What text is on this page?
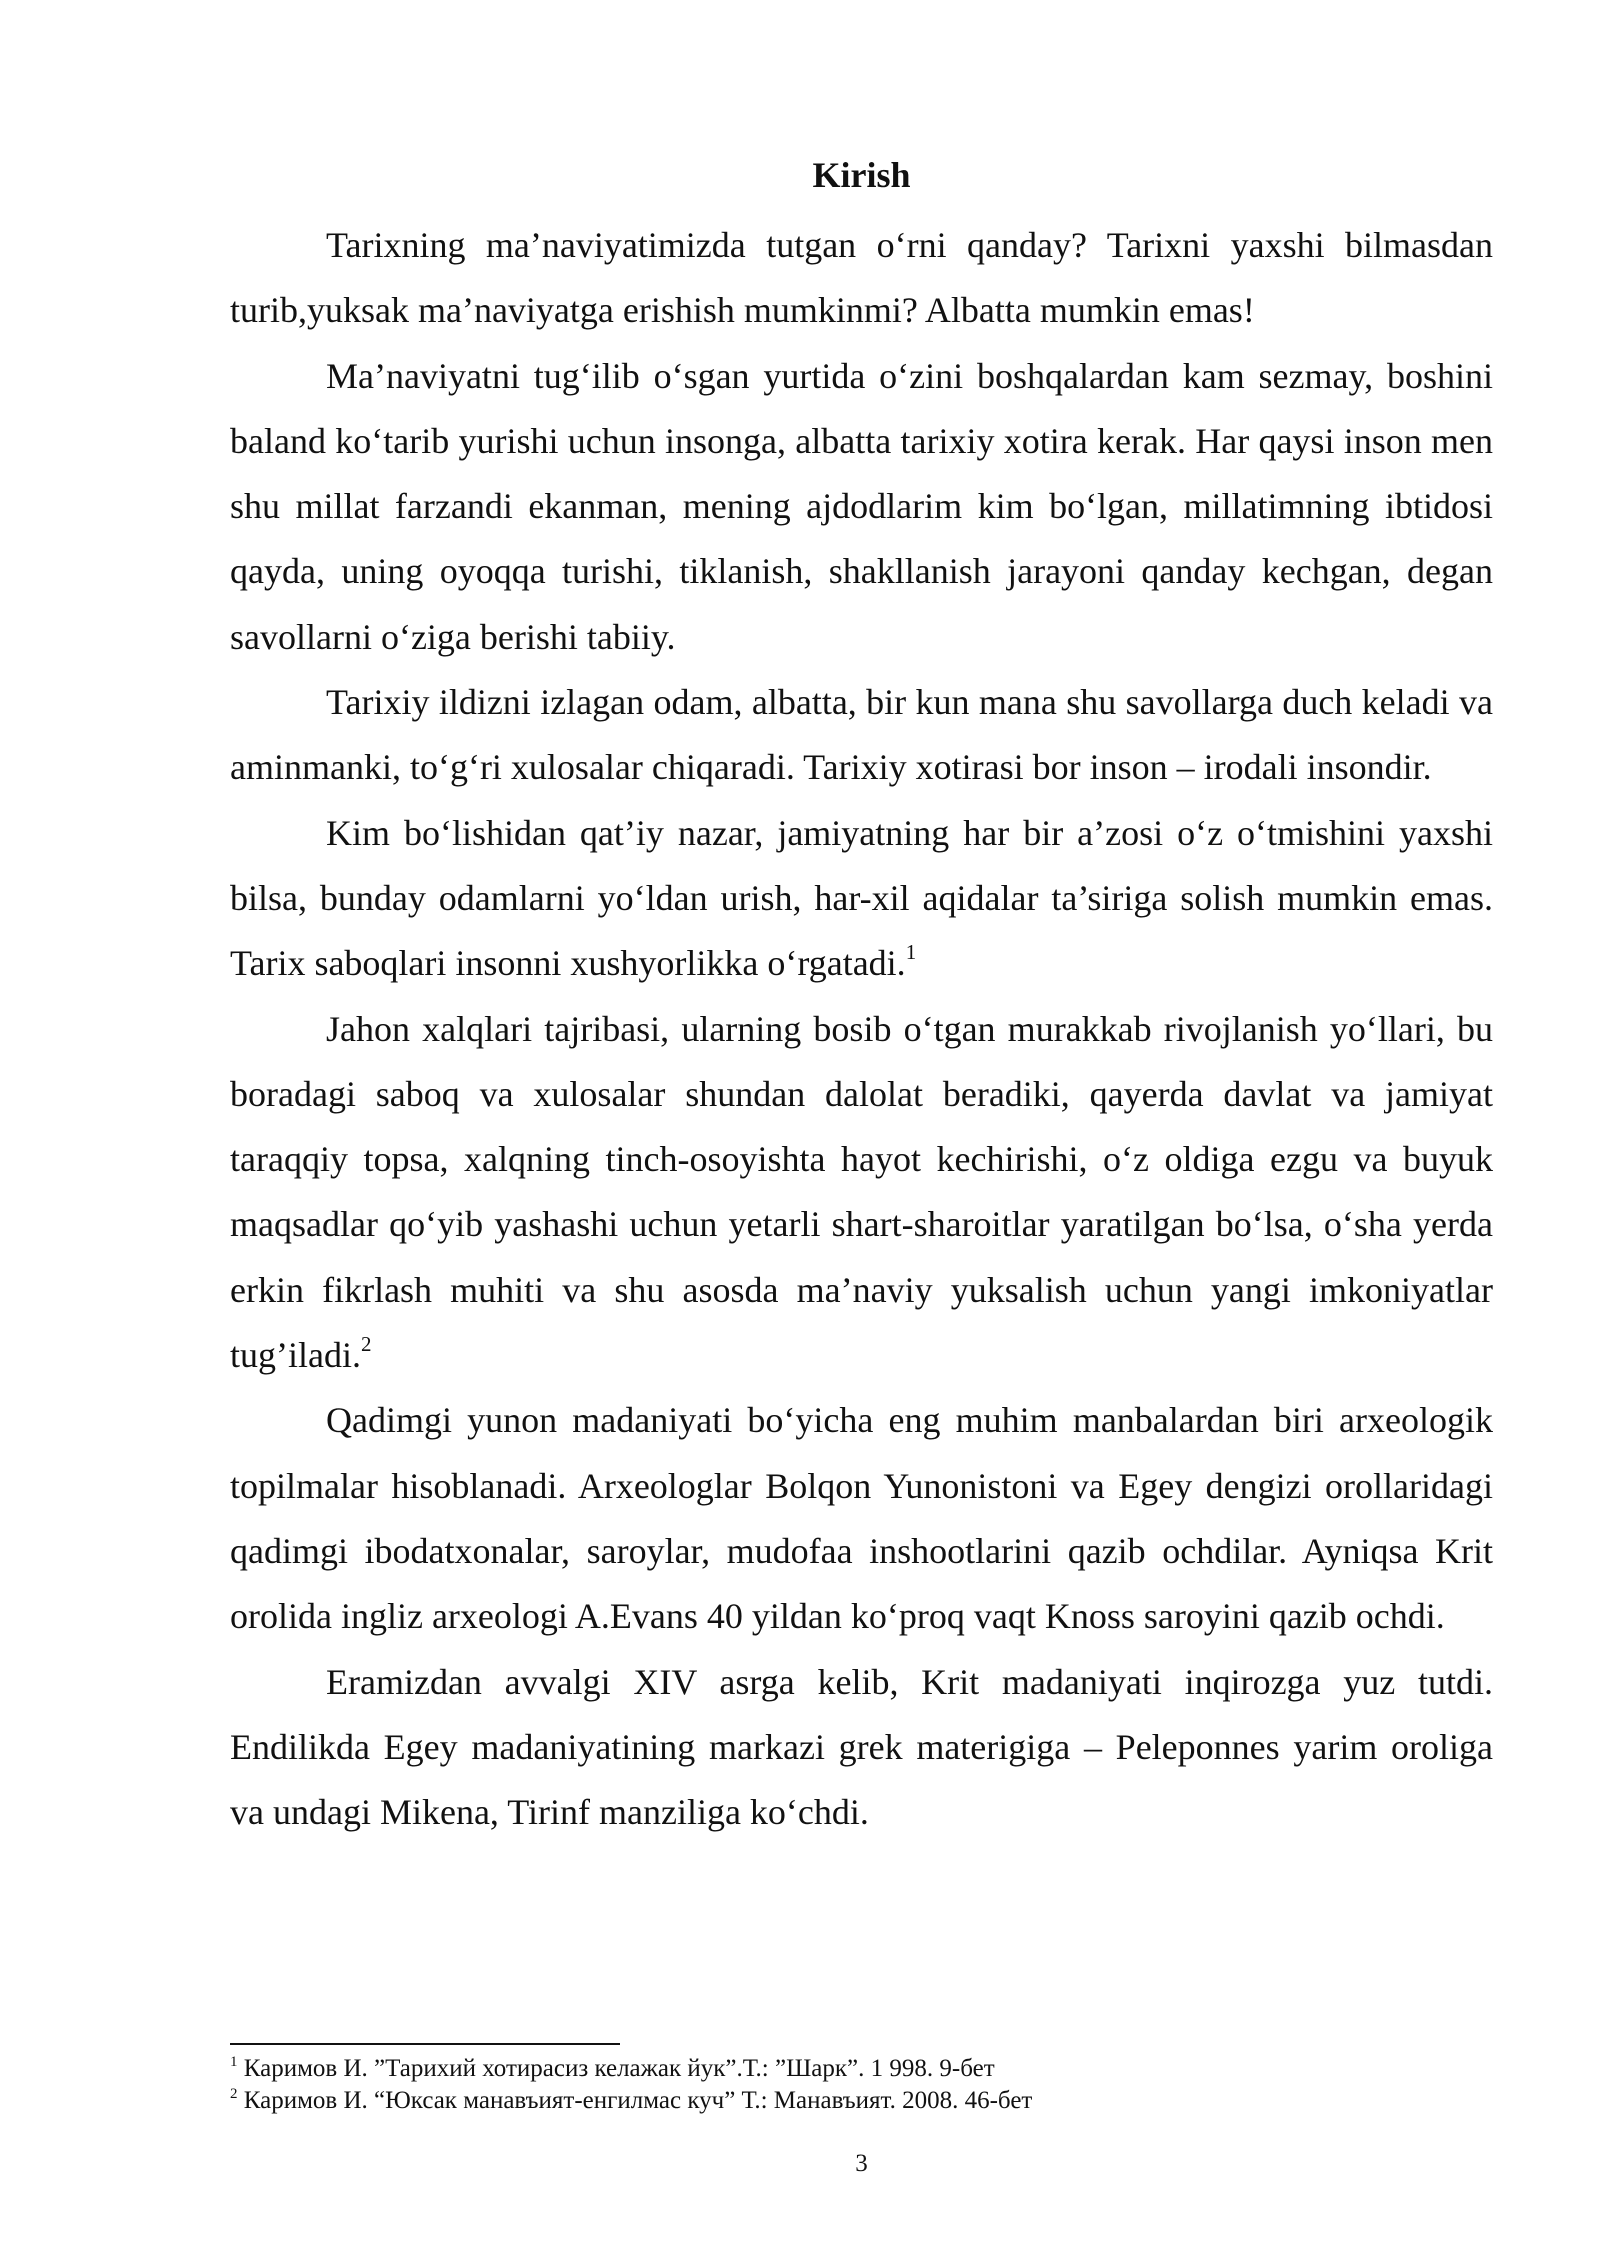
Kirish

Tarixning ma’naviyatimizda tutgan o‘rni qanday? Tarixni yaxshi bilmasdan turib,yuksak ma’naviyatga erishish mumkinmi? Albatta mumkin emas!

Ma’naviyatni tug‘ilib o‘sgan yurtida o‘zini boshqalardan kam sezmay, boshini baland ko‘tarib yurishi uchun insonga, albatta tarixiy xotira kerak. Har qaysi inson men shu millat farzandi ekanman, mening ajdodlarim kim bo‘lgan, millatimning ibtidosi qayda, uning oyoqqa turishi, tiklanish, shakllanish jarayoni qanday kechgan, degan savollarni o‘ziga berishi tabiiy.

Tarixiy ildizni izlagan odam, albatta, bir kun mana shu savollarga duch keladi va aminmanki, to‘g‘ri xulosalar chiqaradi. Tarixiy xotirasi bor inson – irodali insondir.

Kim bo‘lishidan qat’iy nazar, jamiyatning har bir a’zosi o‘z o‘tmishini yaxshi bilsa, bunday odamlarni yo‘ldan urish, har-xil aqidalar ta’siriga solish mumkin emas. Tarix saboqlari insonni xushyorlikka o‘rgatadi.$^1$

Jahon xalqlari tajribasi, ularning bosib o‘tgan murakkab rivojlanish yo‘llari, bu boradagi saboq va xulosalar shundan dalolat beradiki, qayerda davlat va jamiyat taraqqiy topsa, xalqning tinch-osoyishta hayot kechirishi, o‘z oldiga ezgu va buyuk maqsadlar qo‘yib yashashi uchun yetarli shart-sharoitlar yaratilgan bo‘lsa, o‘sha yerda erkin fikrlash muhiti va shu asosda ma’naviy yuksalish uchun yangi imkoniyatlar tug’iladi.$^2$

Qadimgi yunon madaniyati bo‘yicha eng muhim manbalardan biri arxeologik topilmalar hisoblanadi. Arxeologlar Bolqon Yunonistoni va Egey dengizi orollaridagi qadimgi ibodatxonalar, saroylar, mudofaa inshootlarini qazib ochdilar. Ayniqsa Krit orolida ingliz arxeologi A.Evans 40 yildan ko‘proq vaqt Knoss saroyini qazib ochdi.

Eramizdan avvalgi XIV asrga kelib, Krit madaniyati inqirozga yuz tutdi. Endilikda Egey madaniyatining markazi grek materigiga – Peleponnes yarim oroliga va undagi Mikena, Tirinf manziliga ko‘chdi.

$^1$ Каримов И. ”Тарихий хотирасиз келажак йук”.Т.: ”Шарк”. 1 998. 9-бет

$^2$ Каримов И. “Юксак манавъият-енгилмас куч” Т.: Манавъият. 2008. 46-бет

3
